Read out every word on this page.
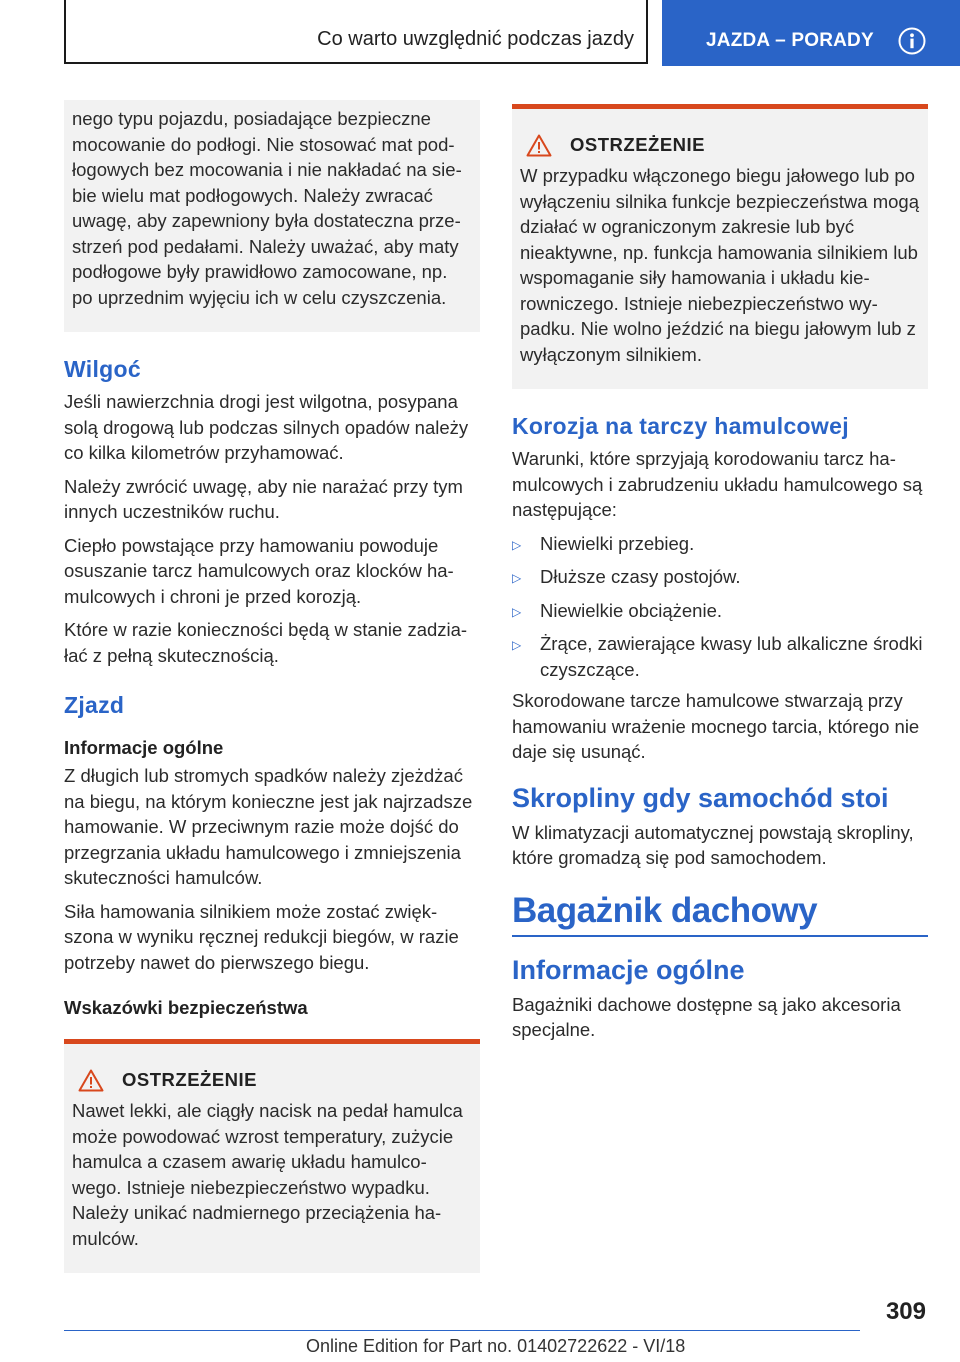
Co warto uwzględnić podczas jazdy	JAZDA – PORADY

nego typu pojazdu, posiadające bezpieczne mocowanie do podłogi. Nie stosować mat pod-łogowych bez mocowania i nie nakładać na sie-bie wielu mat podłogowych. Należy zwracać uwagę, aby zapewniony była dostateczna prze-strzeń pod pedałami. Należy uważać, aby maty podłogowe były prawidłowo zamocowane, np. po uprzednim wyjęciu ich w celu czyszczenia.

Wilgoć

Jeśli nawierzchnia drogi jest wilgotna, posypana solą drogową lub podczas silnych opadów należy co kilka kilometrów przyhamować.

Należy zwrócić uwagę, aby nie narażać przy tym innych uczestników ruchu.

Ciepło powstające przy hamowaniu powoduje osuszanie tarcz hamulcowych oraz klocków ha-mulcowych i chroni je przed korozją.

Które w razie konieczności będą w stanie zadzia-łać z pełną skutecznością.

Zjazd
Informacje ogólne

Z długich lub stromych spadków należy zjeżdżać na biegu, na którym konieczne jest jak najrzadsze hamowanie. W przeciwnym razie może dojść do przegrzania układu hamulcowego i zmniejszenia skuteczności hamulców.

Siła hamowania silnikiem może zostać zwięk-szona w wyniku ręcznej redukcji biegów, w razie potrzeby nawet do pierwszego biegu.

Wskazówki bezpieczeństwa
OSTRZEŻENIE

Nawet lekki, ale ciągły nacisk na pedał hamulca może powodować wzrost temperatury, zużycie hamulca a czasem awarię układu hamulco-wego. Istnieje niebezpieczeństwo wypadku. Należy unikać nadmiernego przeciążenia ha-mulców.

OSTRZEŻENIE

W przypadku włączonego biegu jałowego lub po wyłączeniu silnika funkcje bezpieczeństwa mogą działać w ograniczonym zakresie lub być nieaktywne, np. funkcja hamowania silnikiem lub wspomaganie siły hamowania i układu kie-rowniczego. Istnieje niebezpieczeństwo wy-padku. Nie wolno jeździć na biegu jałowym lub z wyłączonym silnikiem.

Korozja na tarczy hamulcowej

Warunki, które sprzyjają korodowaniu tarcz ha-mulcowych i zabrudzeniu układu hamulcowego są następujące:

▷	Niewielki przebieg.
▷	Dłuższe czasy postojów.
▷	Niewielkie obciążenie.
▷	Żrące, zawierające kwasy lub alkaliczne środki czyszczące.

Skorodowane tarcze hamulcowe stwarzają przy hamowaniu wrażenie mocnego tarcia, którego nie daje się usunąć.

Skropliny gdy samochód stoi

W klimatyzacji automatycznej powstają skropliny, które gromadzą się pod samochodem.

Bagażnik dachowy
Informacje ogólne

Bagażniki dachowe dostępne są jako akcesoria specjalne.

309
Online Edition for Part no. 01402722622 - VI/18
